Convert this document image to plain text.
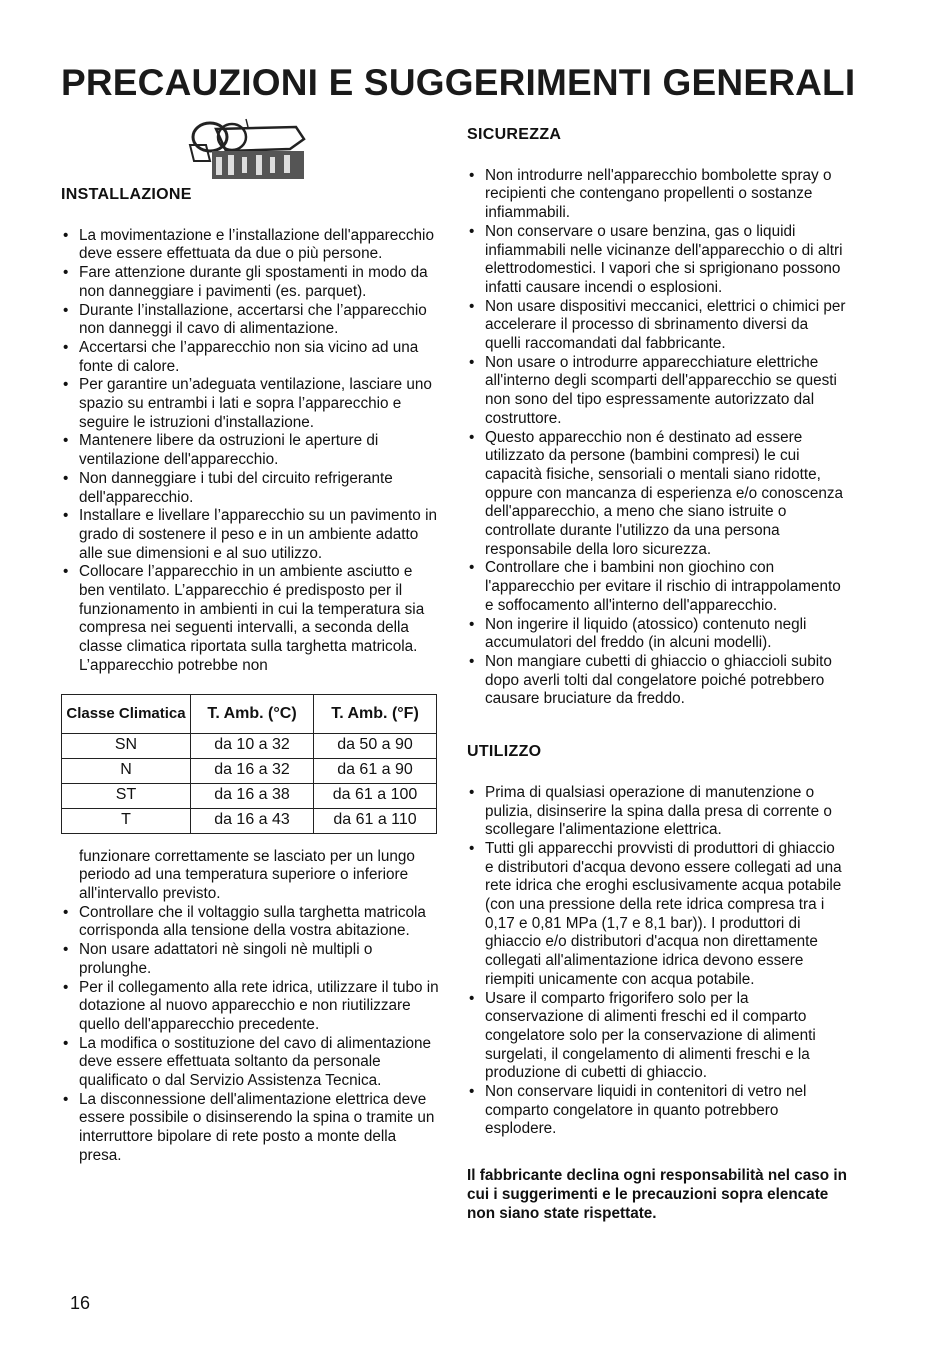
PRECAUZIONI E SUGGERIMENTI GENERALI
INSTALLAZIONE
• La movimentazione e l’installazione dell'apparecchio deve essere effettuata da due o più persone.
• Fare attenzione durante gli spostamenti in modo da non danneggiare i pavimenti (es. parquet).
• Durante l’installazione, accertarsi che l’apparecchio non danneggi il cavo di alimentazione.
• Accertarsi che l’apparecchio non sia vicino ad una fonte di calore.
• Per garantire un’adeguata ventilazione, lasciare uno spazio su entrambi i lati e sopra l’apparecchio e seguire le istruzioni d'installazione.
• Mantenere libere da ostruzioni le aperture di ventilazione dell'apparecchio.
• Non danneggiare i tubi del circuito refrigerante dell'apparecchio.
• Installare e livellare l’apparecchio su un pavimento in grado di sostenere il peso e in un ambiente adatto alle sue dimensioni e al suo utilizzo.
• Collocare l’apparecchio in un ambiente asciutto e ben ventilato. L’apparecchio é predisposto per il funzionamento in ambienti in cui la temperatura sia compresa nei seguenti intervalli, a seconda della classe climatica riportata sulla targhetta matricola. L’apparecchio potrebbe non
Classe Climatica	T. Amb. (°C)	T. Amb. (°F)
SN	da 10 a 32	da 50 a 90
N	da 16 a 32	da 61 a 90
ST	da 16 a 38	da 61 a 100
T	da 16 a 43	da 61 a 110

funzionare correttamente se lasciato per un lungo periodo ad una temperatura superiore o inferiore all'intervallo previsto.

• Controllare che il voltaggio sulla targhetta matricola corrisponda alla tensione della vostra abitazione.
• Non usare adattatori nè singoli nè multipli o prolunghe.
• Per il collegamento alla rete idrica, utilizzare il tubo in dotazione al nuovo apparecchio e non riutilizzare quello dell'apparecchio precedente.
• La modifica o sostituzione del cavo di alimentazione deve essere effettuata soltanto da personale qualificato o dal Servizio Assistenza Tecnica.
• La disconnessione dell'alimentazione elettrica deve essere possibile o disinserendo la spina o tramite un interruttore bipolare di rete posto a monte della presa.
SICUREZZA
• Non introdurre nell'apparecchio bombolette spray o recipienti che contengano propellenti o sostanze infiammabili.
• Non conservare o usare benzina, gas o liquidi infiammabili nelle vicinanze dell'apparecchio o di altri elettrodomestici. I vapori che si sprigionano possono infatti causare incendi o esplosioni.
• Non usare dispositivi meccanici, elettrici o chimici per accelerare il processo di sbrinamento diversi da quelli raccomandati dal fabbricante.
• Non usare o introdurre apparecchiature elettriche all'interno degli scomparti dell'apparecchio se questi non sono del tipo espressamente autorizzato dal costruttore.
• Questo apparecchio non é destinato ad essere utilizzato da persone (bambini compresi) le cui capacità fisiche, sensoriali o mentali siano ridotte, oppure con mancanza di esperienza e/o conoscenza dell'apparecchio, a meno che siano istruite o controllate durante l'utilizzo da una persona responsabile della loro sicurezza.
• Controllare che i bambini non giochino con l'apparecchio per evitare il rischio di intrappolamento e soffocamento all'interno dell'apparecchio.
• Non ingerire il liquido (atossico) contenuto negli accumulatori del freddo (in alcuni modelli).
• Non mangiare cubetti di ghiaccio o ghiaccioli subito dopo averli tolti dal congelatore poiché potrebbero causare bruciature da freddo.
UTILIZZO
• Prima di qualsiasi operazione di manutenzione o pulizia, disinserire la spina dalla presa di corrente o scollegare l'alimentazione elettrica.
• Tutti gli apparecchi provvisti di produttori di ghiaccio e distributori d'acqua devono essere collegati ad una rete idrica che eroghi esclusivamente acqua potabile (con una pressione della rete idrica compresa tra i 0,17 e 0,81 MPa (1,7 e 8,1 bar)). I produttori di ghiaccio e/o distributori d'acqua non direttamente collegati all'alimentazione idrica devono essere riempiti unicamente con acqua potabile.
• Usare il comparto frigorifero solo per la conservazione di alimenti freschi ed il comparto congelatore solo per la conservazione di alimenti surgelati, il congelamento di alimenti freschi e la produzione di cubetti di ghiaccio.
• Non conservare liquidi in contenitori di vetro nel comparto congelatore in quanto potrebbero esplodere.

Il fabbricante declina ogni responsabilità nel caso in cui i suggerimenti e le precauzioni sopra elencate non siano state rispettate.

16
